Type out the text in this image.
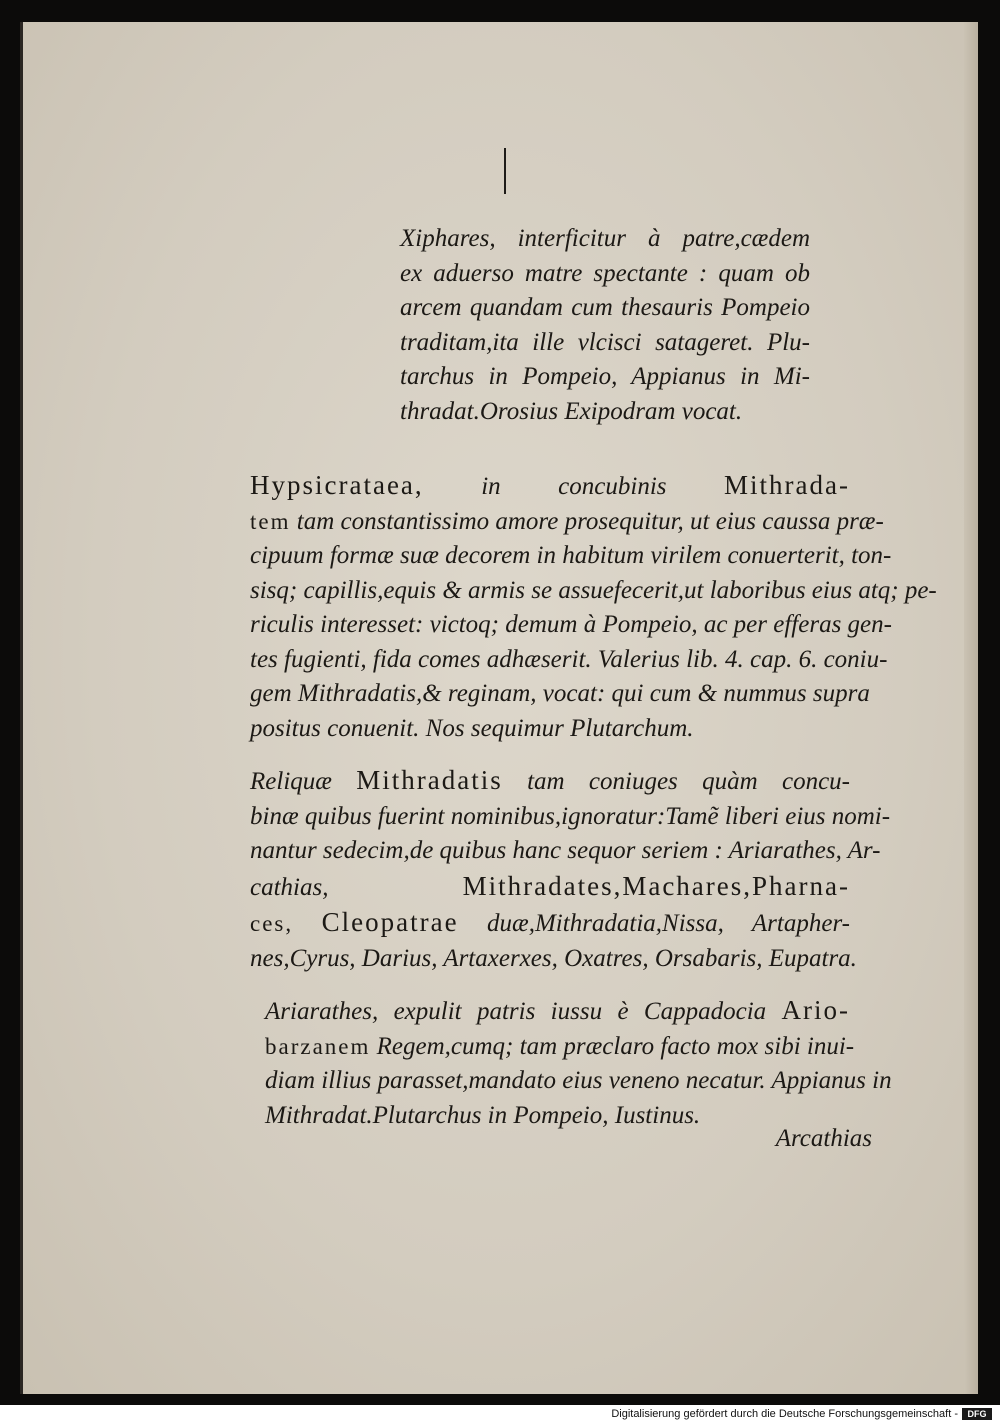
Xiphares, interficitur à patre,cædem
ex aduerso matre spectante : quam ob
arcem quandam cum thesauris Pompeio
traditam,ita ille vlcisci satageret. Plu-
tarchus in Pompeio, Appianus in Mi-
thradat.Orosius Exipodram vocat.
Hypsicrataea, in concubinis Mithrada-
tem tam constantissimo amore prosequitur, ut eius caussa præ-
cipuum formæ suæ decorem in habitum virilem conuerterit, ton-
sisq; capillis,equis & armis se assuefecerit,ut laboribus eius atq; pe-
riculis interesset: victoq; demum à Pompeio, ac per efferas gen-
tes fugienti, fida comes adhæserit. Valerius lib. 4. cap. 6. coniu-
gem Mithradatis,& reginam, vocat: qui cum & nummus supra
positus conuenit. Nos sequimur Plutarchum.
Reliquæ Mithradatis tam coniuges quàm concu-
binæ quibus fuerint nominibus,ignoratur:Tamẽ liberi eius nomi-
nantur sedecim,de quibus hanc sequor seriem : Ariarathes, Ar-
cathias,	Mithradates,Machares,Pharna-
ces, Cleopatrae duæ,Mithradatia,Nissa, Artapher-
nes,Cyrus, Darius, Artaxerxes, Oxatres, Orsabaris, Eupatra.
Ariarathes, expulit patris iussu è Cappadocia Ario-
barzanem Regem,cumq; tam præclaro facto mox sibi inui-
diam illius parasset,mandato eius veneno necatur. Appianus in
Mithradat.Plutarchus in Pompeio, Iustinus.
Arcathias
Digitalisierung gefördert durch die Deutsche Forschungsgemeinschaft -	DFG
